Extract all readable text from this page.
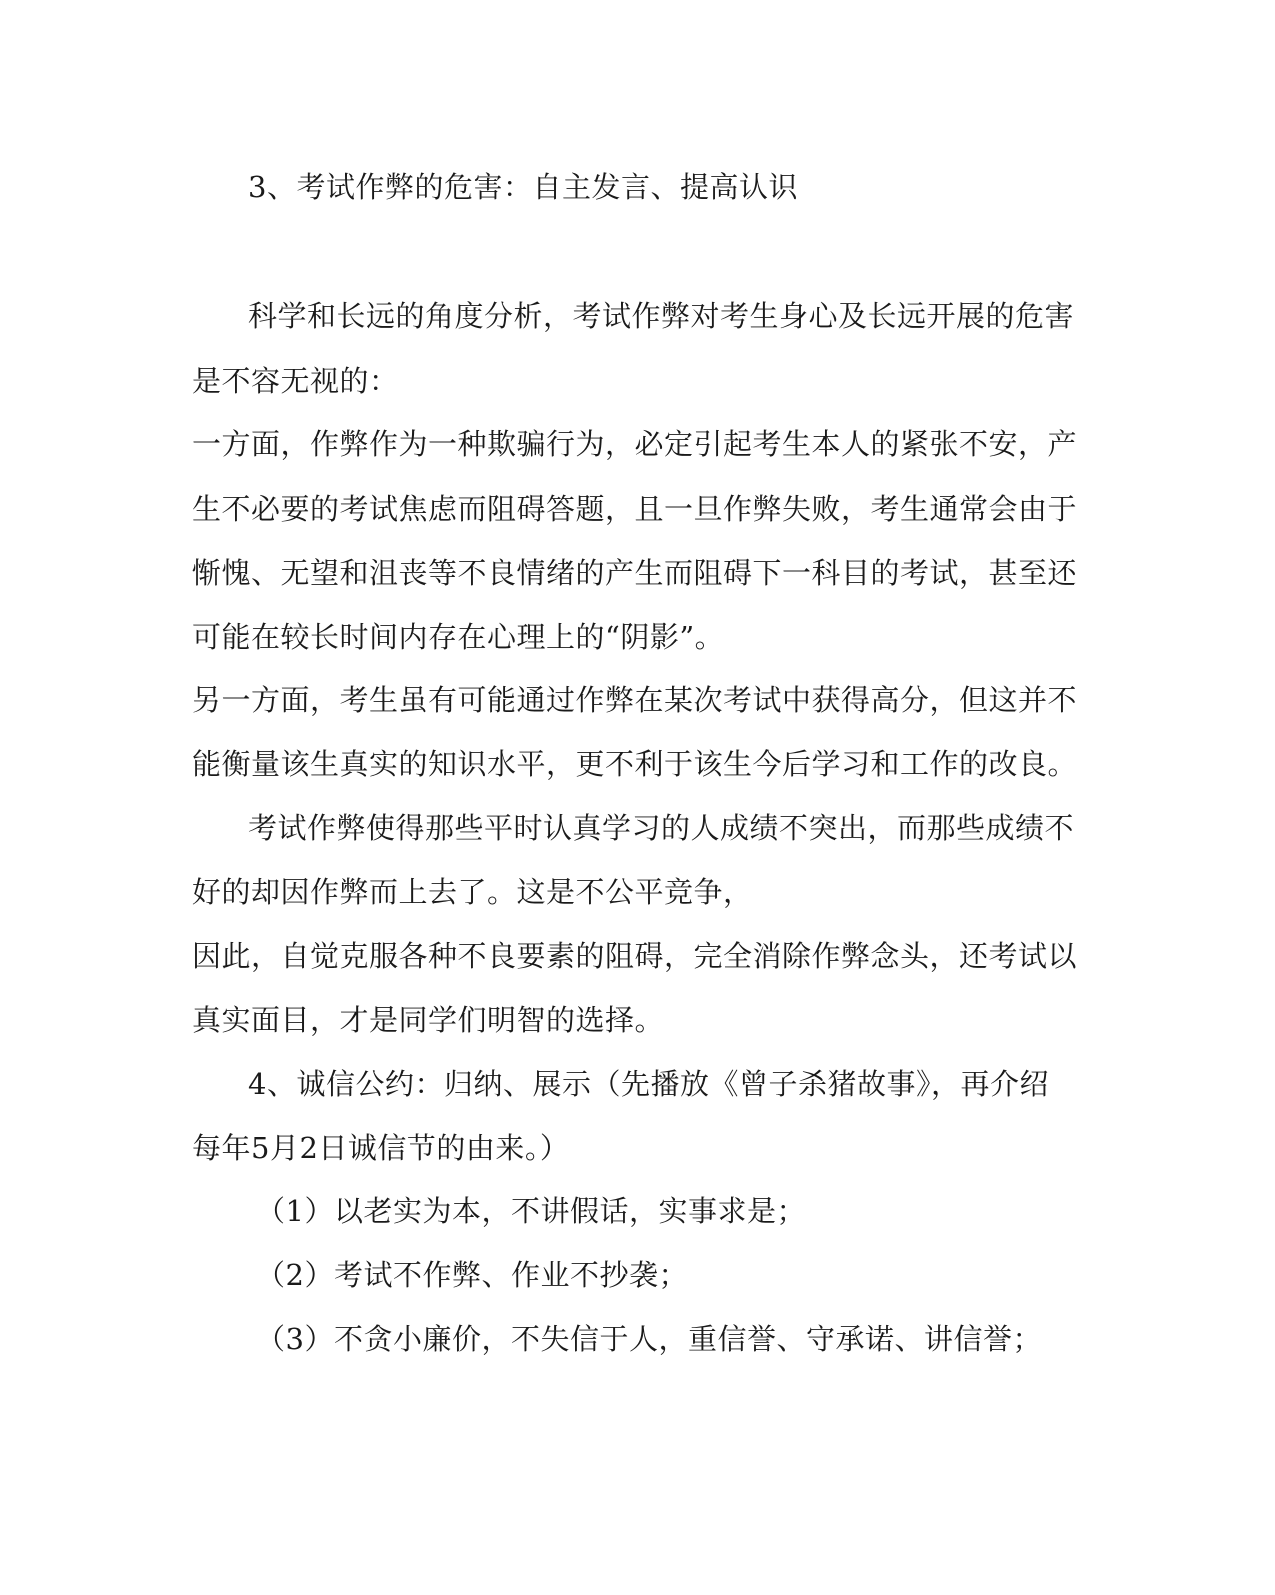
3、考试作弊的危害：自主发言、提高认识
科学和长远的角度分析，考试作弊对考生身心及长远开展的危害
是不容无视的：
一方面，作弊作为一种欺骗行为，必定引起考生本人的紧张不安，产
生不必要的考试焦虑而阻碍答题，且一旦作弊失败，考生通常会由于
惭愧、无望和沮丧等不良情绪的产生而阻碍下一科目的考试，甚至还
可能在较长时间内存在心理上的“阴影”。
另一方面，考生虽有可能通过作弊在某次考试中获得高分，但这并不
能衡量该生真实的知识水平，更不利于该生今后学习和工作的改良。
考试作弊使得那些平时认真学习的人成绩不突出，而那些成绩不
好的却因作弊而上去了。这是不公平竞争，
因此，自觉克服各种不良要素的阻碍，完全消除作弊念头，还考试以
真实面目，才是同学们明智的选择。
4、诚信公约：归纳、展示（先播放《曾子杀猪故事》，再介绍
每年5月2日诚信节的由来。）
（1）以老实为本，不讲假话，实事求是；
（2）考试不作弊、作业不抄袭；
（3）不贪小廉价，不失信于人，重信誉、守承诺、讲信誉；
